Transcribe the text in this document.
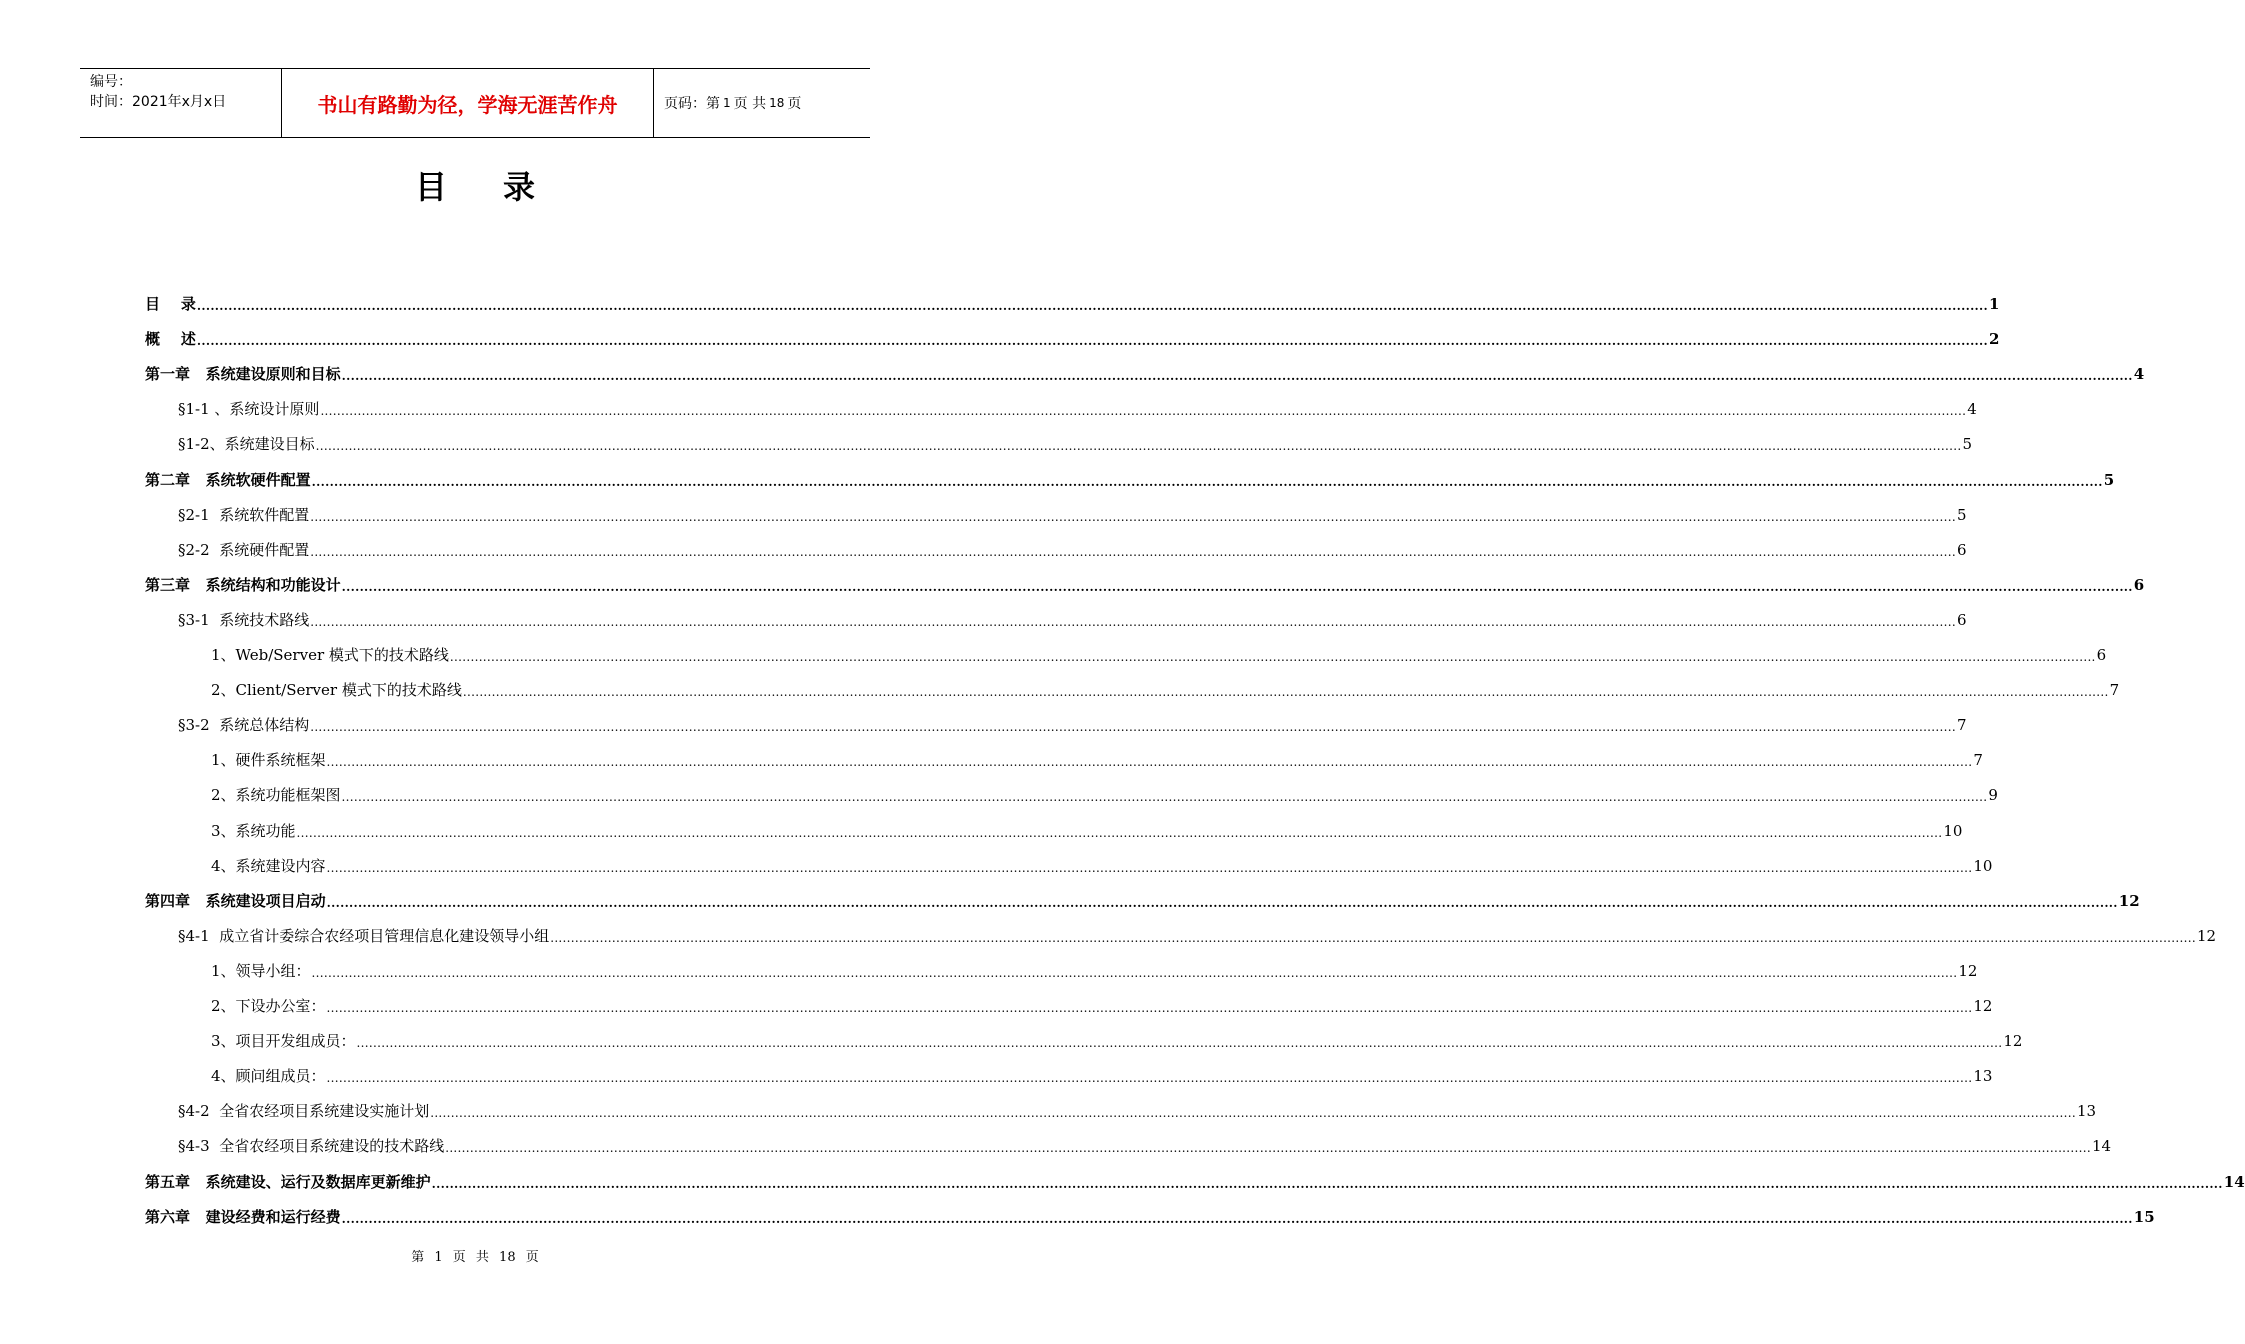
编号：
时间：2021年x月x日	书山有路勤为径，学海无涯苦作舟	页码：第 1 页 共 18 页
目录
目    录 ................................................................................................................................................................................................................................................................................................................................................................................................................ 1
概    述 ................................................................................................................................................................................................................................................................................................................................................................................................................ 2
第一章   系统建设原则和目标 ................................................................................................................................................................................................................................................................................................................................................................................................................ 4
§1-1 、系统设计原则 ................................................................................................................................................................................................................................................................................................................................................................................................................ 4
§1-2、系统建设目标 ................................................................................................................................................................................................................................................................................................................................................................................................................ 5
第二章   系统软硬件配置 ................................................................................................................................................................................................................................................................................................................................................................................................................ 5
§2-1  系统软件配置 ................................................................................................................................................................................................................................................................................................................................................................................................................ 5
§2-2  系统硬件配置 ................................................................................................................................................................................................................................................................................................................................................................................................................ 6
第三章   系统结构和功能设计 ................................................................................................................................................................................................................................................................................................................................................................................................................ 6
§3-1  系统技术路线 ................................................................................................................................................................................................................................................................................................................................................................................................................ 6
1、Web/Server 模式下的技术路线 ................................................................................................................................................................................................................................................................................................................................................................................................................ 6
2、Client/Server 模式下的技术路线 ................................................................................................................................................................................................................................................................................................................................................................................................................ 7
§3-2  系统总体结构 ................................................................................................................................................................................................................................................................................................................................................................................................................ 7
1、硬件系统框架 ................................................................................................................................................................................................................................................................................................................................................................................................................ 7
2、系统功能框架图 ................................................................................................................................................................................................................................................................................................................................................................................................................ 9
3、系统功能 ................................................................................................................................................................................................................................................................................................................................................................................................................ 10
4、系统建设内容 ................................................................................................................................................................................................................................................................................................................................................................................................................ 10
第四章   系统建设项目启动 ................................................................................................................................................................................................................................................................................................................................................................................................................ 12
§4-1  成立省计委综合农经项目管理信息化建设领导小组 ................................................................................................................................................................................................................................................................................................................................................................................................................ 12
1、领导小组： ................................................................................................................................................................................................................................................................................................................................................................................................................ 12
2、下设办公室： ................................................................................................................................................................................................................................................................................................................................................................................................................ 12
3、项目开发组成员： ................................................................................................................................................................................................................................................................................................................................................................................................................ 12
4、顾问组成员： ................................................................................................................................................................................................................................................................................................................................................................................................................ 13
§4-2  全省农经项目系统建设实施计划 ................................................................................................................................................................................................................................................................................................................................................................................................................ 13
§4-3  全省农经项目系统建设的技术路线 ................................................................................................................................................................................................................................................................................................................................................................................................................ 14
第五章   系统建设、运行及数据库更新维护 ................................................................................................................................................................................................................................................................................................................................................................................................................ 14
第六章   建设经费和运行经费 ................................................................................................................................................................................................................................................................................................................................................................................................................ 15
第 1 页 共 18 页
